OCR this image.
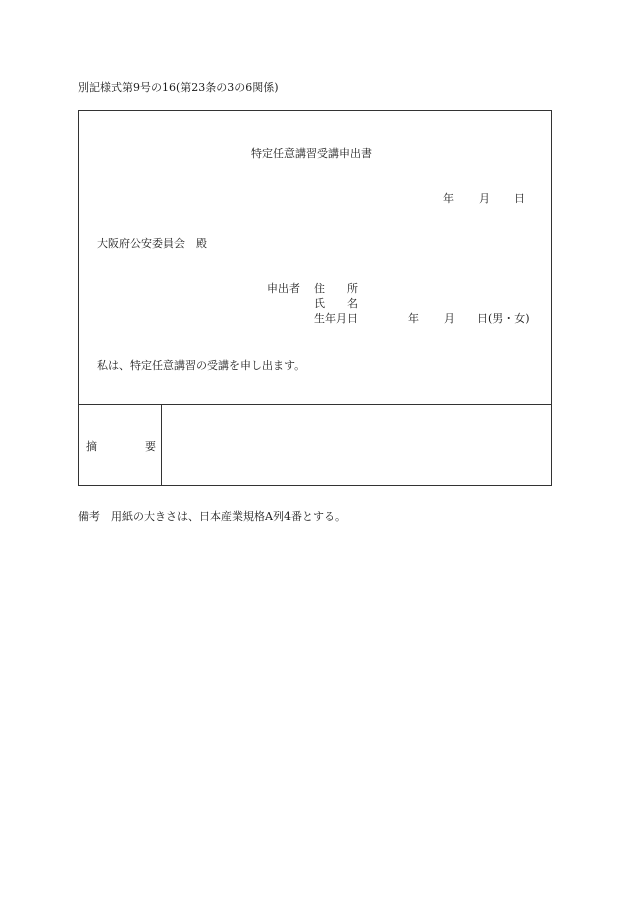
別記様式第9号の16(第23条の3の6関係)
特定任意講習受講申出書
年 月 日
大阪府公安委員会　殿
申出者 住　　所
氏　　名
生年月日	年 月 日(男・女)
私は、特定任意講習の受講を申し出ます。
摘	要
備考　用紙の大きさは、日本産業規格A列4番とする。
